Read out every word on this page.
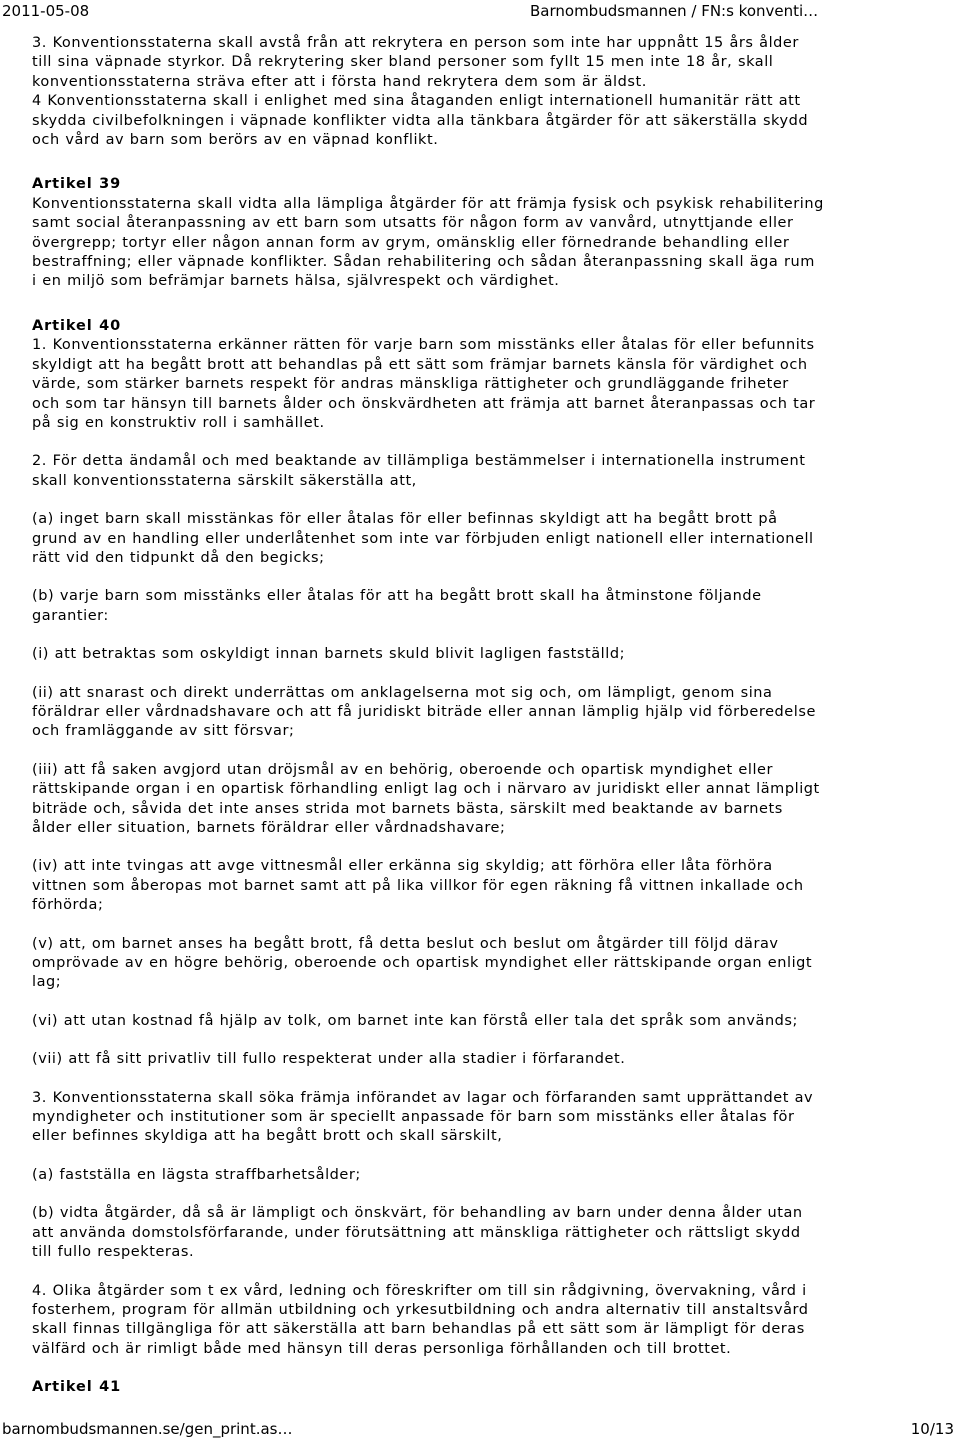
2011-05-08	Barnombudsmannen / FN:s konventi…

3. Konventionsstaterna skall avstå från att rekrytera en person som inte har uppnått 15 års ålder
till sina väpnade styrkor. Då rekrytering sker bland personer som fyllt 15 men inte 18 år, skall
konventionsstaterna sträva efter att i första hand rekrytera dem som är äldst.

4 Konventionsstaterna skall i enlighet med sina åtaganden enligt internationell humanitär rätt att
skydda civilbefolkningen i väpnade konflikter vidta alla tänkbara åtgärder för att säkerställa skydd
och vård av barn som berörs av en väpnad konflikt.

Artikel 39

Konventionsstaterna skall vidta alla lämpliga åtgärder för att främja fysisk och psykisk rehabilitering
samt social återanpassning av ett barn som utsatts för någon form av vanvård, utnyttjande eller
övergrepp; tortyr eller någon annan form av grym, omänsklig eller förnedrande behandling eller
bestraffning; eller väpnade konflikter. Sådan rehabilitering och sådan återanpassning skall äga rum
i en miljö som befrämjar barnets hälsa, självrespekt och värdighet.

Artikel 40

1. Konventionsstaterna erkänner rätten för varje barn som misstänks eller åtalas för eller befunnits
skyldigt att ha begått brott att behandlas på ett sätt som främjar barnets känsla för värdighet och
värde, som stärker barnets respekt för andras mänskliga rättigheter och grundläggande friheter
och som tar hänsyn till barnets ålder och önskvärdheten att främja att barnet återanpassas och tar
på sig en konstruktiv roll i samhället.

2. För detta ändamål och med beaktande av tillämpliga bestämmelser i internationella instrument
skall konventionsstaterna särskilt säkerställa att,

(a) inget barn skall misstänkas för eller åtalas för eller befinnas skyldigt att ha begått brott på
grund av en handling eller underlåtenhet som inte var förbjuden enligt nationell eller internationell
rätt vid den tidpunkt då den begicks;

(b) varje barn som misstänks eller åtalas för att ha begått brott skall ha åtminstone följande
garantier:

(i) att betraktas som oskyldigt innan barnets skuld blivit lagligen fastställd;

(ii) att snarast och direkt underrättas om anklagelserna mot sig och, om lämpligt, genom sina
föräldrar eller vårdnadshavare och att få juridiskt biträde eller annan lämplig hjälp vid förberedelse
och framläggande av sitt försvar;

(iii) att få saken avgjord utan dröjsmål av en behörig, oberoende och opartisk myndighet eller
rättskipande organ i en opartisk förhandling enligt lag och i närvaro av juridiskt eller annat lämpligt
biträde och, såvida det inte anses strida mot barnets bästa, särskilt med beaktande av barnets
ålder eller situation, barnets föräldrar eller vårdnadshavare;

(iv) att inte tvingas att avge vittnesmål eller erkänna sig skyldig; att förhöra eller låta förhöra
vittnen som åberopas mot barnet samt att på lika villkor för egen räkning få vittnen inkallade och
förhörda;

(v) att, om barnet anses ha begått brott, få detta beslut och beslut om åtgärder till följd därav
omprövade av en högre behörig, oberoende och opartisk myndighet eller rättskipande organ enligt
lag;

(vi) att utan kostnad få hjälp av tolk, om barnet inte kan förstå eller tala det språk som används;

(vii) att få sitt privatliv till fullo respekterat under alla stadier i förfarandet.

3. Konventionsstaterna skall söka främja införandet av lagar och förfaranden samt upprättandet av
myndigheter och institutioner som är speciellt anpassade för barn som misstänks eller åtalas för
eller befinnes skyldiga att ha begått brott och skall särskilt,

(a) fastställa en lägsta straffbarhetsålder;

(b) vidta åtgärder, då så är lämpligt och önskvärt, för behandling av barn under denna ålder utan
att använda domstolsförfarande, under förutsättning att mänskliga rättigheter och rättsligt skydd
till fullo respekteras.

4. Olika åtgärder som t ex vård, ledning och föreskrifter om till sin rådgivning, övervakning, vård i
fosterhem, program för allmän utbildning och yrkesutbildning och andra alternativ till anstaltsvård
skall finnas tillgängliga för att säkerställa att barn behandlas på ett sätt som är lämpligt för deras
välfärd och är rimligt både med hänsyn till deras personliga förhållanden och till brottet.

Artikel 41
barnombudsmannen.se/gen_print.as…	10/13
